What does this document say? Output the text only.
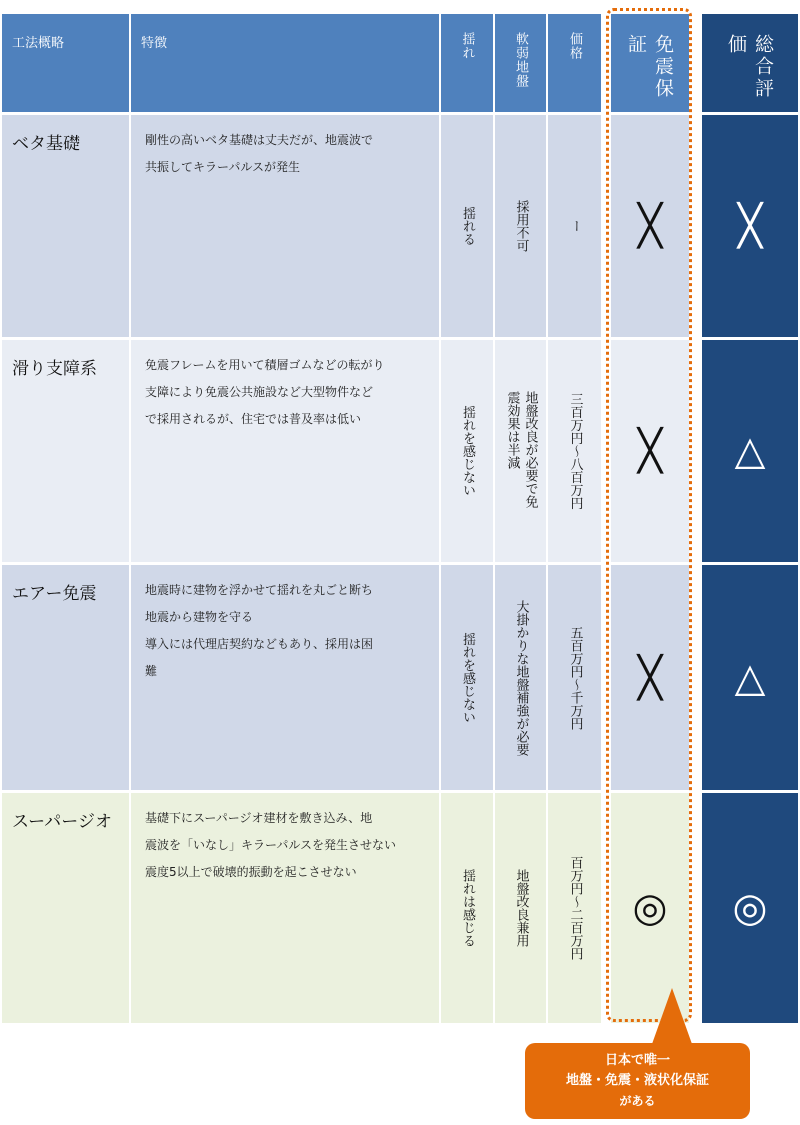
工法概略	特徴	揺れ	軟弱地盤	価格	免震保証	総合評価
ベタ基礎	剛性の高いベタ基礎は丈夫だが、地震波で
共振してキラーパルスが発生
揺れる	採用不可	ー ╳ ╳
滑り支障系	免震フレームを用いて積層ゴムなどの転がり
支障により免震公共施設など大型物件など
で採用されるが、住宅では普及率は低い	揺れを感じない	地盤改良が必要で免震効果は半減	三百万円～八百万円 ╳ △
エアー免震	地震時に建物を浮かせて揺れを丸ごと断ち
地震から建物を守る
導入には代理店契約などもあり、採用は困
難	揺れを感じない	大掛かりな地盤補強が必要	五百万円～千万円 ╳ △
スーパージオ	基礎下にスーパージオ建材を敷き込み、地
震波を「いなし」キラーパルスを発生させない
震度5以上で破壊的振動を起こさせない	揺れは感じる	地盤改良兼用	百万円～二百万円 ◎ ◎
日本で唯一
地盤・免震・液状化保証
がある
